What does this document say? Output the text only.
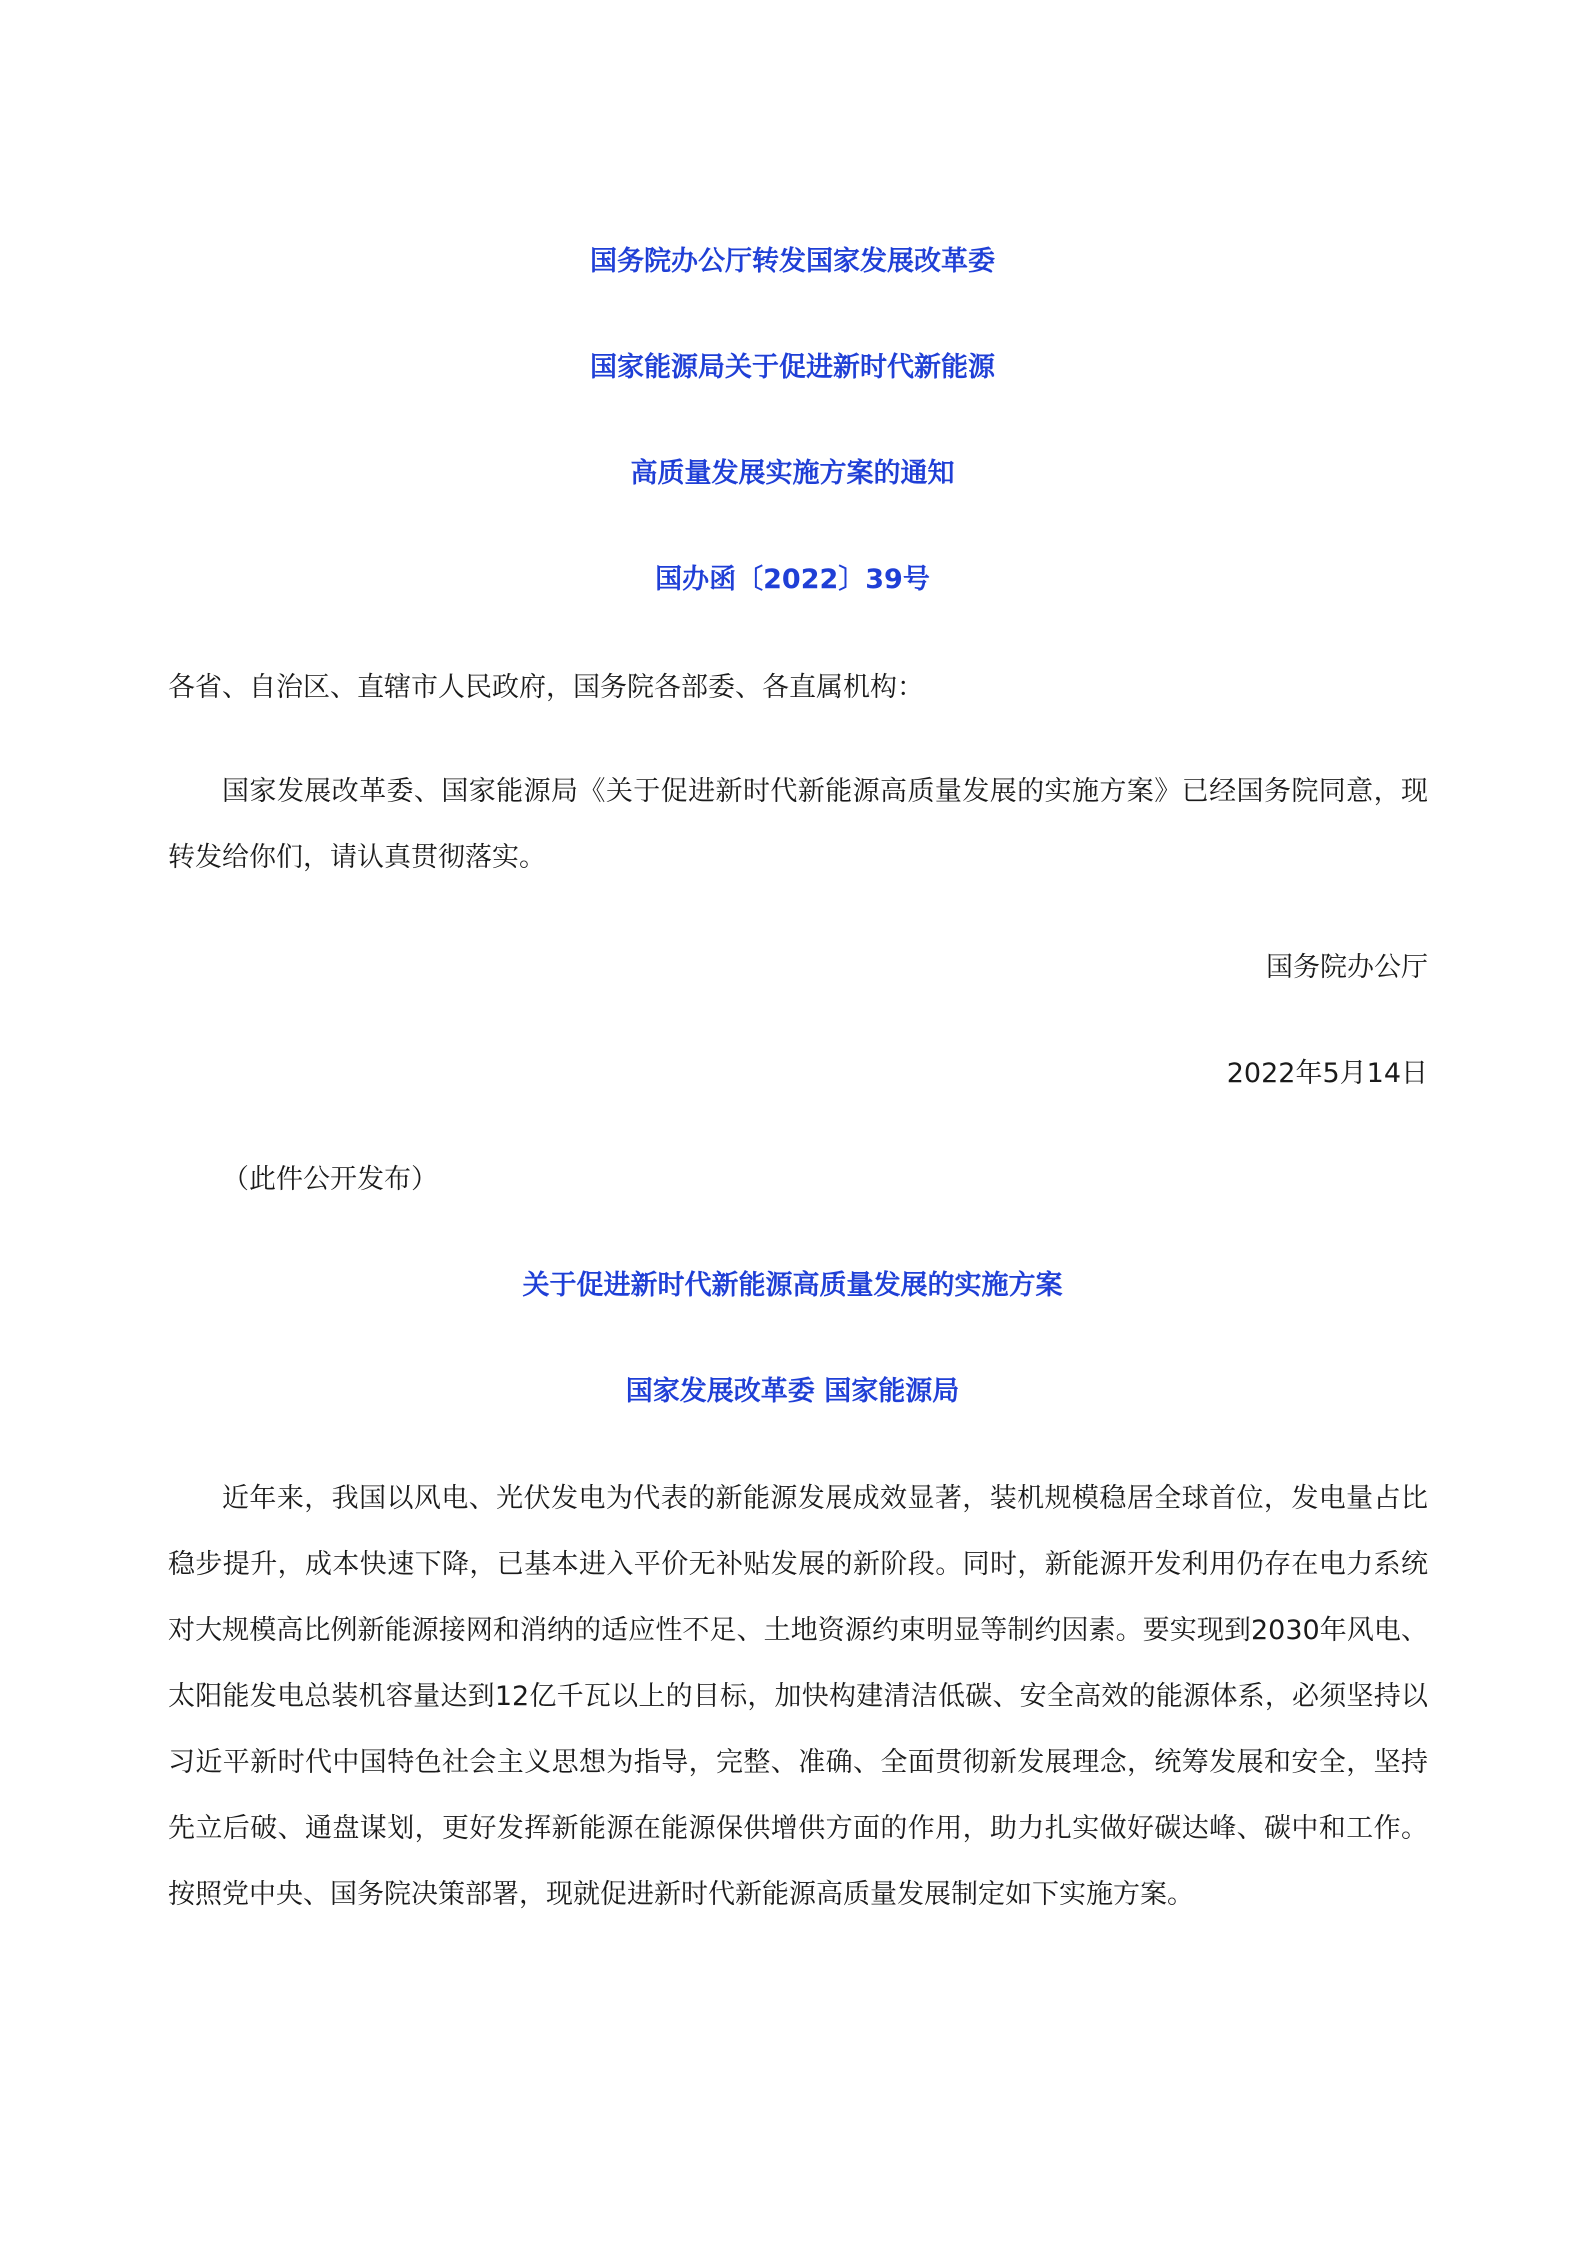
国务院办公厅转发国家发展改革委
国家能源局关于促进新时代新能源
高质量发展实施方案的通知
国办函〔2022〕39号
各省、自治区、直辖市人民政府，国务院各部委、各直属机构：
国家发展改革委、国家能源局《关于促进新时代新能源高质量发展的实施方案》已经国务院同意，现转发给你们，请认真贯彻落实。
国务院办公厅
2022年5月14日
（此件公开发布）
关于促进新时代新能源高质量发展的实施方案
国家发展改革委 国家能源局
近年来，我国以风电、光伏发电为代表的新能源发展成效显著，装机规模稳居全球首位，发电量占比稳步提升，成本快速下降，已基本进入平价无补贴发展的新阶段。同时，新能源开发利用仍存在电力系统对大规模高比例新能源接网和消纳的适应性不足、土地资源约束明显等制约因素。要实现到2030年风电、太阳能发电总装机容量达到12亿千瓦以上的目标，加快构建清洁低碳、安全高效的能源体系，必须坚持以习近平新时代中国特色社会主义思想为指导，完整、准确、全面贯彻新发展理念，统筹发展和安全，坚持先立后破、通盘谋划，更好发挥新能源在能源保供增供方面的作用，助力扎实做好碳达峰、碳中和工作。按照党中央、国务院决策部署，现就促进新时代新能源高质量发展制定如下实施方案。
